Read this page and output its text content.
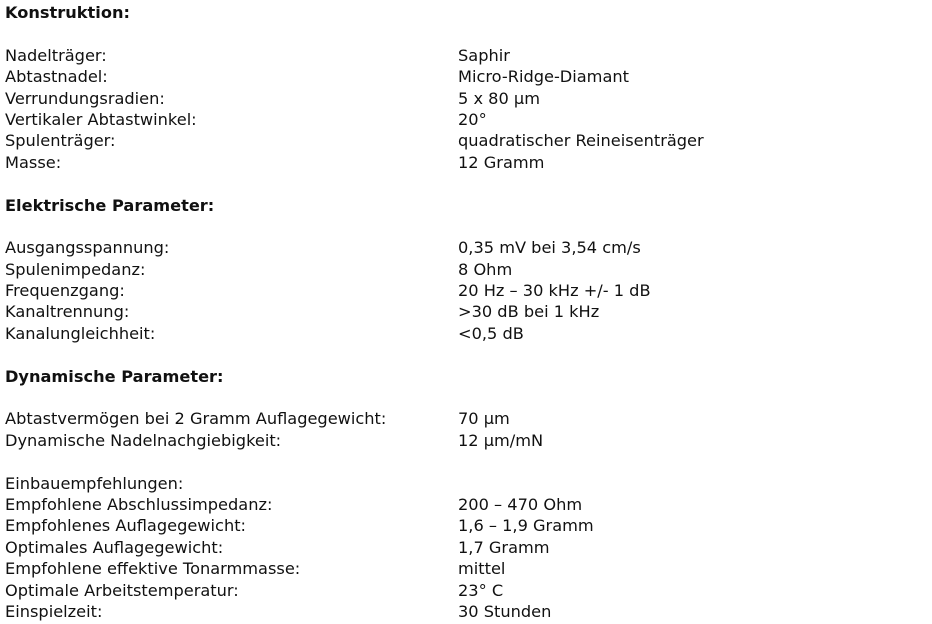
Konstruktion:
Nadelträger:	Saphir
Abtastnadel:	Micro-Ridge-Diamant
Verrundungsradien:	5 x 80 µm
Vertikaler Abtastwinkel:	20°
Spulenträger:	quadratischer Reineisenträger
Masse:	12 Gramm
Elektrische Parameter:
Ausgangsspannung:	0,35 mV bei 3,54 cm/s
Spulenimpedanz:	8 Ohm
Frequenzgang:	20 Hz – 30 kHz +/- 1 dB
Kanaltrennung:	>30 dB bei 1 kHz
Kanalungleichheit:	<0,5 dB
Dynamische Parameter:
Abtastvermögen bei 2 Gramm Auflagegewicht:	70 µm
Dynamische Nadelnachgiebigkeit:	12 µm/mN
Einbauempfehlungen:
Empfohlene Abschlussimpedanz:	200 – 470 Ohm
Empfohlenes Auflagegewicht:	1,6 – 1,9 Gramm
Optimales Auflagegewicht:	1,7 Gramm
Empfohlene effektive Tonarmmasse:	mittel
Optimale Arbeitstemperatur:	23° C
Einspielzeit:	30 Stunden
